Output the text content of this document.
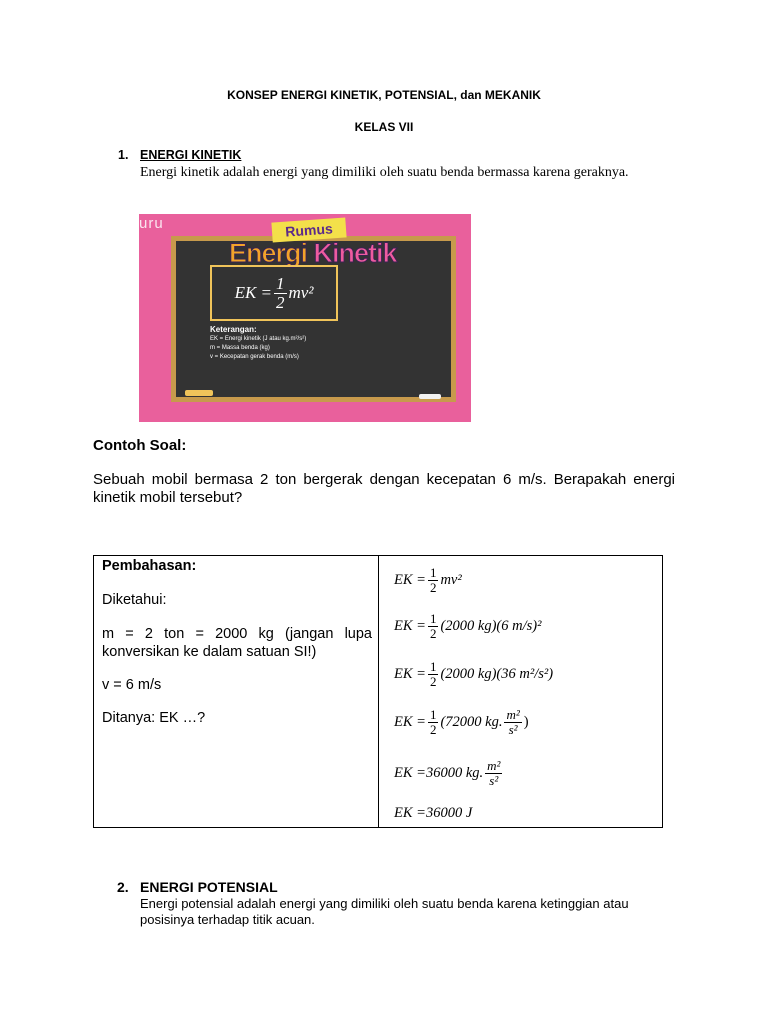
KONSEP ENERGI KINETIK, POTENSIAL, dan MEKANIK
KELAS VII
1. ENERGI KINETIK
Energi kinetik adalah energi yang dimiliki oleh suatu benda bermassa karena geraknya.
uru	Rumus
Energi Kinetik
EK = $\frac{1}{2} mv^2$
Keterangan:
EK = Energi kinetik (J atau kg.m²/s²)
m = Massa benda (kg)
v = Kecepatan gerak benda (m/s)
Contoh Soal:
Sebuah mobil bermasa 2 ton bergerak dengan kecepatan 6 m/s. Berapakah energi kinetik mobil tersebut?
Pembahasan:
Diketahui:
m = 2 ton = 2000 kg (jangan lupa konversikan ke dalam satuan SI!)
v = 6 m/s
Ditanya: EK …?
EK = $\frac{1}{2} mv^2$
EK = $\frac{1}{2} (2000$ kg)(6 m/s)²
EK = $\frac{1}{2} (2000$ kg)(36 m²/s²)
EK = $\frac{1}{2} (72000$ kg. $\frac{\text{m²}}{\text{s²}}$ )
EK = 36000 kg. $\frac{\text{m²}}{\text{s²}}$
EK = 36000 J
2. ENERGI POTENSIAL
Energi potensial adalah energi yang dimiliki oleh suatu benda karena ketinggian atau posisinya terhadap titik acuan.
